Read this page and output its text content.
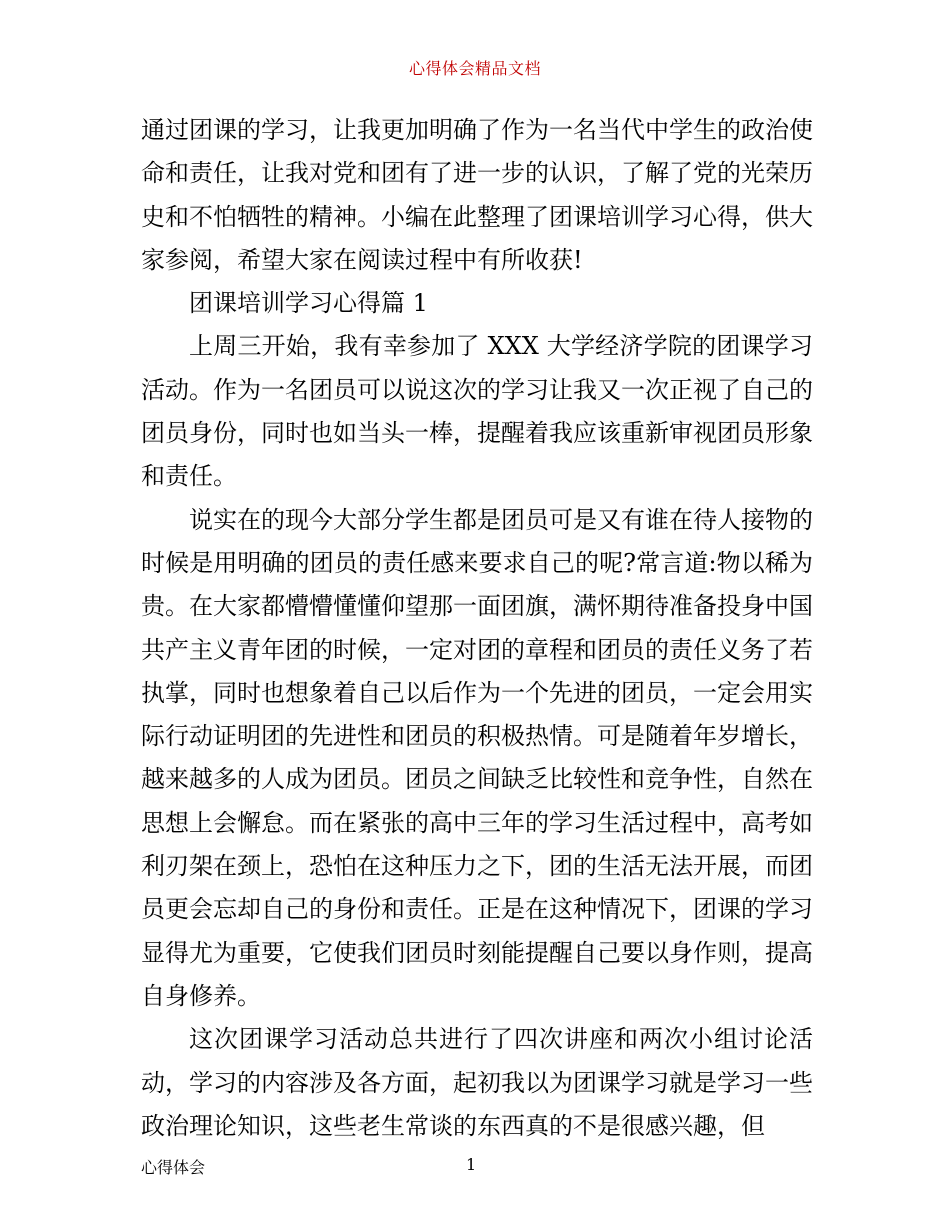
心得体会精品文档

通过团课的学习，让我更加明确了作为一名当代中学生的政治使命和责任，让我对党和团有了进一步的认识，了解了党的光荣历史和不怕牺牲的精神。小编在此整理了团课培训学习心得，供大家参阅，希望大家在阅读过程中有所收获!

团课培训学习心得篇 1

上周三开始，我有幸参加了 XXX 大学经济学院的团课学习活动。作为一名团员可以说这次的学习让我又一次正视了自己的团员身份，同时也如当头一棒，提醒着我应该重新审视团员形象和责任。

说实在的现今大部分学生都是团员可是又有谁在待人接物的时候是用明确的团员的责任感来要求自己的呢?常言道:物以稀为贵。在大家都懵懵懂懂仰望那一面团旗，满怀期待准备投身中国共产主义青年团的时候，一定对团的章程和团员的责任义务了若执掌，同时也想象着自己以后作为一个先进的团员，一定会用实际行动证明团的先进性和团员的积极热情。可是随着年岁增长，越来越多的人成为团员。团员之间缺乏比较性和竞争性，自然在思想上会懈怠。而在紧张的高中三年的学习生活过程中，高考如利刃架在颈上，恐怕在这种压力之下，团的生活无法开展，而团员更会忘却自己的身份和责任。正是在这种情况下，团课的学习显得尤为重要，它使我们团员时刻能提醒自己要以身作则，提高自身修养。

这次团课学习活动总共进行了四次讲座和两次小组讨论活动，学习的内容涉及各方面，起初我以为团课学习就是学习一些政治理论知识，这些老生常谈的东西真的不是很感兴趣，但

心得体会	1
